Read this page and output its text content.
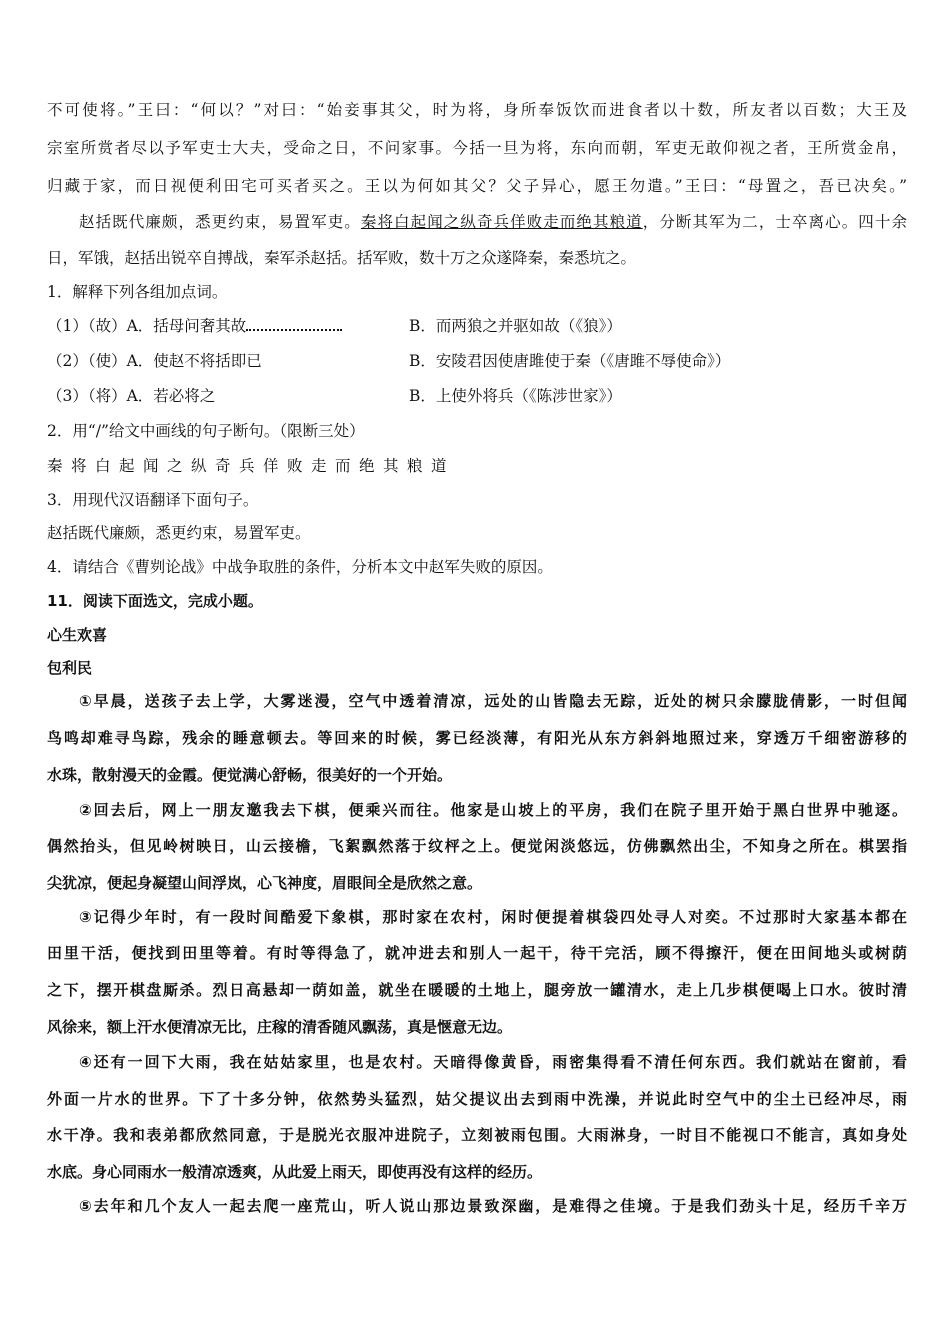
不可使将。”王曰：“何以？”对曰：“始妾事其父，时为将，身所奉饭饮而进食者以十数，所友者以百数；大王及
宗室所赏者尽以予军吏士大夫，受命之日，不问家事。今括一旦为将，东向而朝，军吏无敢仰视之者，王所赏金帛，
归藏于家，而日视便利田宅可买者买之。王以为何如其父？父子异心，愿王勿遣。”王曰：“母置之，吾已决矣。”
赵括既代廉颇，悉更约束，易置军吏。秦将白起闻之纵奇兵佯败走而绝其粮道，分断其军为二，士卒离心。四十余
日，军饿，赵括出锐卒自搏战，秦军杀赵括。括军败，数十万之众遂降秦，秦悉坑之。
1．解释下列各组加点词。
（1）（故）A．括母问奢其故	B．而两狼之并驱如故（《狼》）
（2）（使）A．使赵不将括即已	B．安陵君因使唐雎使于秦（《唐雎不辱使命》）
（3）（将）A．若必将之	B．上使外将兵（《陈涉世家》）
2．用“/”给文中画线的句子断句。（限断三处）
秦将白起闻之纵奇兵佯败走而绝其粮道
3．用现代汉语翻译下面句子。
赵括既代廉颇，悉更约束，易置军吏。
4．请结合《曹刿论战》中战争取胜的条件，分析本文中赵军失败的原因。
11．阅读下面选文，完成小题。
心生欢喜
包利民
①早晨，送孩子去上学，大雾迷漫，空气中透着清凉，远处的山皆隐去无踪，近处的树只余朦胧倩影，一时但闻
鸟鸣却难寻鸟踪，残余的睡意顿去。等回来的时候，雾已经淡薄，有阳光从东方斜斜地照过来，穿透万千细密游移的
水珠，散射漫天的金霞。便觉满心舒畅，很美好的一个开始。
②回去后，网上一朋友邀我去下棋，便乘兴而往。他家是山坡上的平房，我们在院子里开始于黑白世界中驰逐。
偶然抬头，但见岭树映日，山云接檐，飞絮飘然落于纹枰之上。便觉闲淡悠远，仿佛飘然出尘，不知身之所在。棋罢指
尖犹凉，便起身凝望山间浮岚，心飞神度，眉眼间全是欣然之意。
③记得少年时，有一段时间酷爱下象棋，那时家在农村，闲时便提着棋袋四处寻人对奕。不过那时大家基本都在
田里干活，便找到田里等着。有时等得急了，就冲进去和别人一起干，待干完活，顾不得擦汗，便在田间地头或树荫
之下，摆开棋盘厮杀。烈日高悬却一荫如盖，就坐在暖暖的土地上，腿旁放一罐清水，走上几步棋便喝上口水。彼时清
风徐来，额上汗水便清凉无比，庄稼的清香随风飘荡，真是惬意无边。
④还有一回下大雨，我在姑姑家里，也是农村。天暗得像黄昏，雨密集得看不清任何东西。我们就站在窗前，看
外面一片水的世界。下了十多分钟，依然势头猛烈，姑父提议出去到雨中洗澡，并说此时空气中的尘土已经冲尽，雨
水干净。我和表弟都欣然同意，于是脱光衣服冲进院子，立刻被雨包围。大雨淋身，一时目不能视口不能言，真如身处
水底。身心同雨水一般清凉透爽，从此爱上雨天，即使再没有这样的经历。
⑤去年和几个友人一起去爬一座荒山，听人说山那边景致深幽，是难得之佳境。于是我们劲头十足，经历千辛万
